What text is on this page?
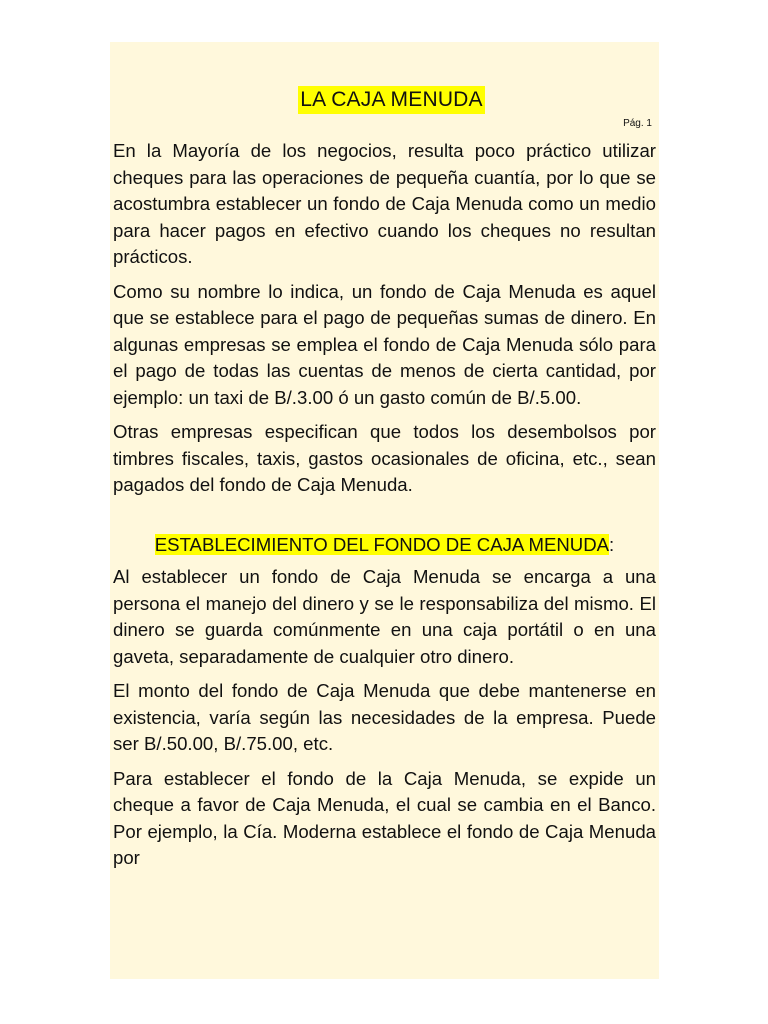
LA CAJA MENUDA
Pág. 1

En la Mayoría de los negocios, resulta poco práctico utilizar cheques para las operaciones de pequeña cuantía, por lo que se acostumbra establecer un fondo de Caja Menuda como un medio para hacer pagos en efectivo cuando los cheques no resultan prácticos.

Como su nombre lo indica, un fondo de Caja Menuda es aquel que se establece para el pago de pequeñas sumas de dinero. En algunas empresas se emplea el fondo de Caja Menuda sólo para el pago de todas las cuentas de menos de cierta cantidad, por ejemplo: un taxi de B/.3.00 ó un gasto común de B/.5.00.

Otras empresas especifican que todos los desembolsos por timbres fiscales, taxis, gastos ocasionales de oficina, etc., sean pagados del fondo de Caja Menuda.

ESTABLECIMIENTO DEL FONDO DE CAJA MENUDA:

Al establecer un fondo de Caja Menuda se encarga a una persona el manejo del dinero y se le responsabiliza del mismo. El dinero se guarda comúnmente en una caja portátil o en una gaveta, separadamente de cualquier otro dinero.

El monto del fondo de Caja Menuda que debe mantenerse en existencia, varía según las necesidades de la empresa. Puede ser B/.50.00, B/.75.00, etc.

Para establecer el fondo de la Caja Menuda, se expide un cheque a favor de Caja Menuda, el cual se cambia en el Banco. Por ejemplo, la Cía. Moderna establece el fondo de Caja Menuda por
